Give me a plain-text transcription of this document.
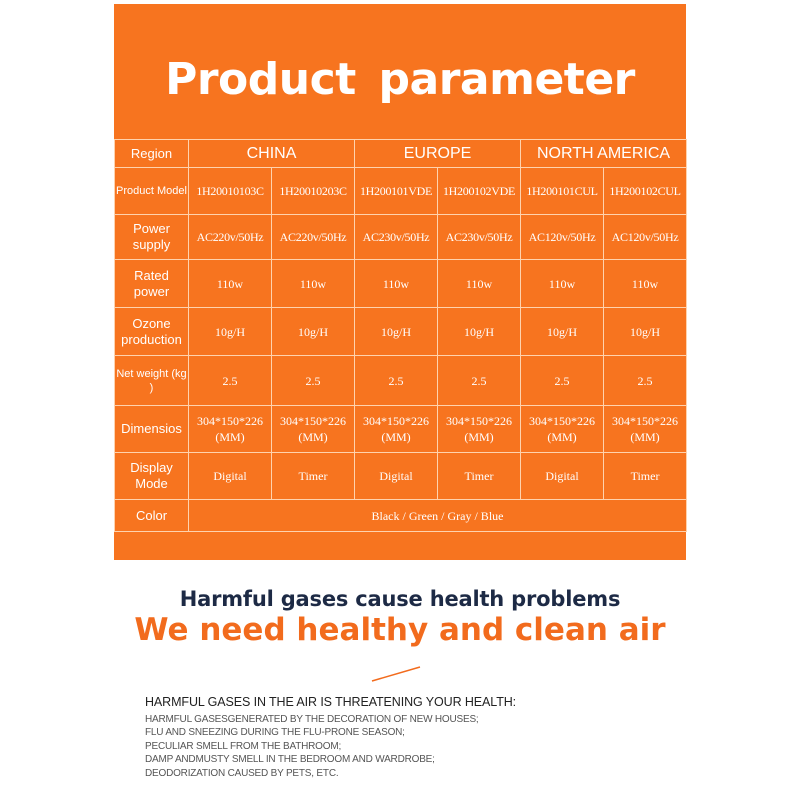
Product parameter
Region	CHINA		EUROPE		NORTH AMERICA	
Product Model	1H20010103C	1H20010203C	1H200101VDE	1H200102VDE	1H200101CUL	1H200102CUL
Power supply	AC220v/50Hz	AC220v/50Hz	AC230v/50Hz	AC230v/50Hz	AC120v/50Hz	AC120v/50Hz
Rated power	110w	110w	110w	110w	110w	110w
Ozone production	10g/H	10g/H	10g/H	10g/H	10g/H	10g/H
Net weight (kg )	2.5	2.5	2.5	2.5	2.5	2.5
Dimensios	304*150*226 (MM)	304*150*226 (MM)	304*150*226 (MM)	304*150*226 (MM)	304*150*226 (MM)	304*150*226 (MM)
Display Mode	Digital	Timer	Digital	Timer	Digital	Timer
Color	Black / Green / Gray / Blue					
Harmful gases cause health problems
We need healthy and clean air
HARMFUL GASES IN THE AIR IS THREATENING YOUR HEALTH:
HARMFUL GASESGENERATED BY THE DECORATION OF NEW HOUSES;
FLU AND SNEEZING DURING THE FLU-PRONE SEASON;
PECULIAR SMELL FROM THE BATHROOM;
DAMP ANDMUSTY SMELL IN THE BEDROOM AND WARDROBE;
DEODORIZATION CAUSED BY PETS, ETC.
